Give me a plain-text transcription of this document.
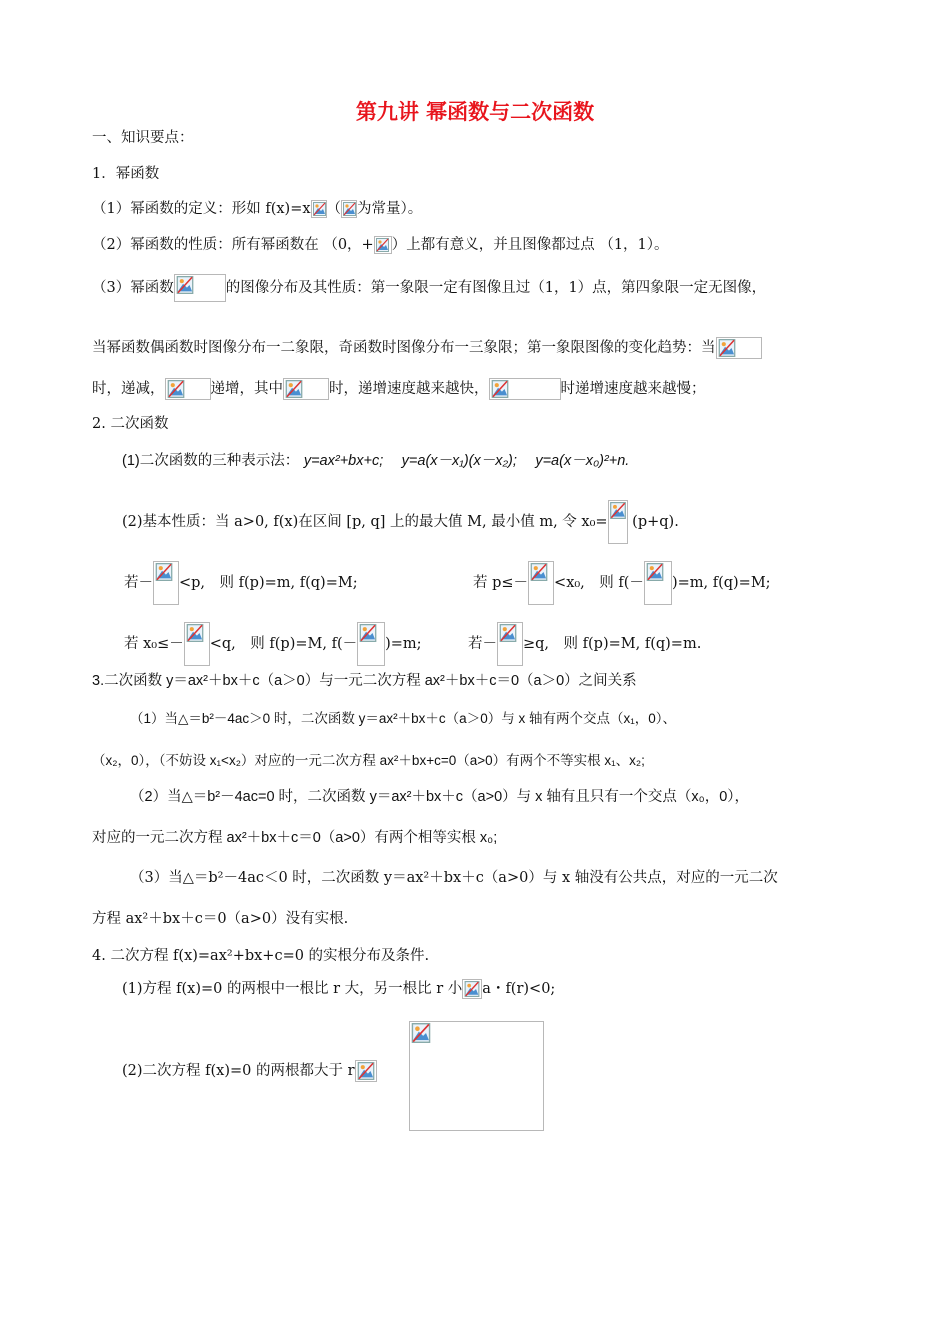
第九讲 幂函数与二次函数
一、知识要点：
1．幂函数
（1）幂函数的定义：形如 f(x)=x （ 为常量）。
（2）幂函数的性质：所有幂函数在 （0，+ ）上都有意义，并且图像都过点 （1，1）。
（3）幂函数	的图像分布及其性质：第一象限一定有图像且过（1，1）点，第四象限一定无图像，
当幂函数偶函数时图像分布一二象限，奇函数时图像分布一三象限；第一象限图像的变化趋势：当
时，递减，	递增，其中	时，递增速度越来越快，	时递增速度越来越慢；
2. 二次函数
(1)二次函数的三种表示法： y=ax²+bx+c; y=a(x－x₁)(x－x₂); y=a(x－x₀)²+n.
(2)基本性质：当 a>0, f(x)在区间 [p, q] 上的最大值 M, 最小值 m, 令 x₀= (p+q).
若－ <p,　则 f(p)=m, f(q)=M;	若 p≤－ <x₀,　则 f(－ )=m, f(q)=M;
若 x₀≤－ <q,　则 f(p)=M, f(－ )=m;	若－ ≥q,　则 f(p)=M, f(q)=m.
3.二次函数 y＝ax²＋bx＋c（a＞0）与一元二次方程 ax²＋bx＋c＝0（a＞0）之间关系
（1）当△＝b²－4ac＞0 时，二次函数 y＝ax²＋bx＋c（a＞0）与 x 轴有两个交点（x₁，0）、
（x₂，0），（不妨设 x₁<x₂）对应的一元二次方程 ax²＋bx+c=0（a>0）有两个不等实根 x₁、x₂;
（2）当△＝b²－4ac=0 时，二次函数 y＝ax²＋bx＋c（a>0）与 x 轴有且只有一个交点（x₀，0），
对应的一元二次方程 ax²＋bx＋c＝0（a>0）有两个相等实根 x₀;
（3）当△＝b²－4ac＜0 时，二次函数 y＝ax²＋bx＋c（a>0）与 x 轴没有公共点，对应的一元二次
方程 ax²＋bx＋c＝0（a>0）没有实根.
4. 二次方程 f(x)=ax²+bx+c=0 的实根分布及条件.
(1)方程 f(x)=0 的两根中一根比 r 大，另一根比 r 小 a・f(r)<0;
(2)二次方程 f(x)=0 的两根都大于 r
